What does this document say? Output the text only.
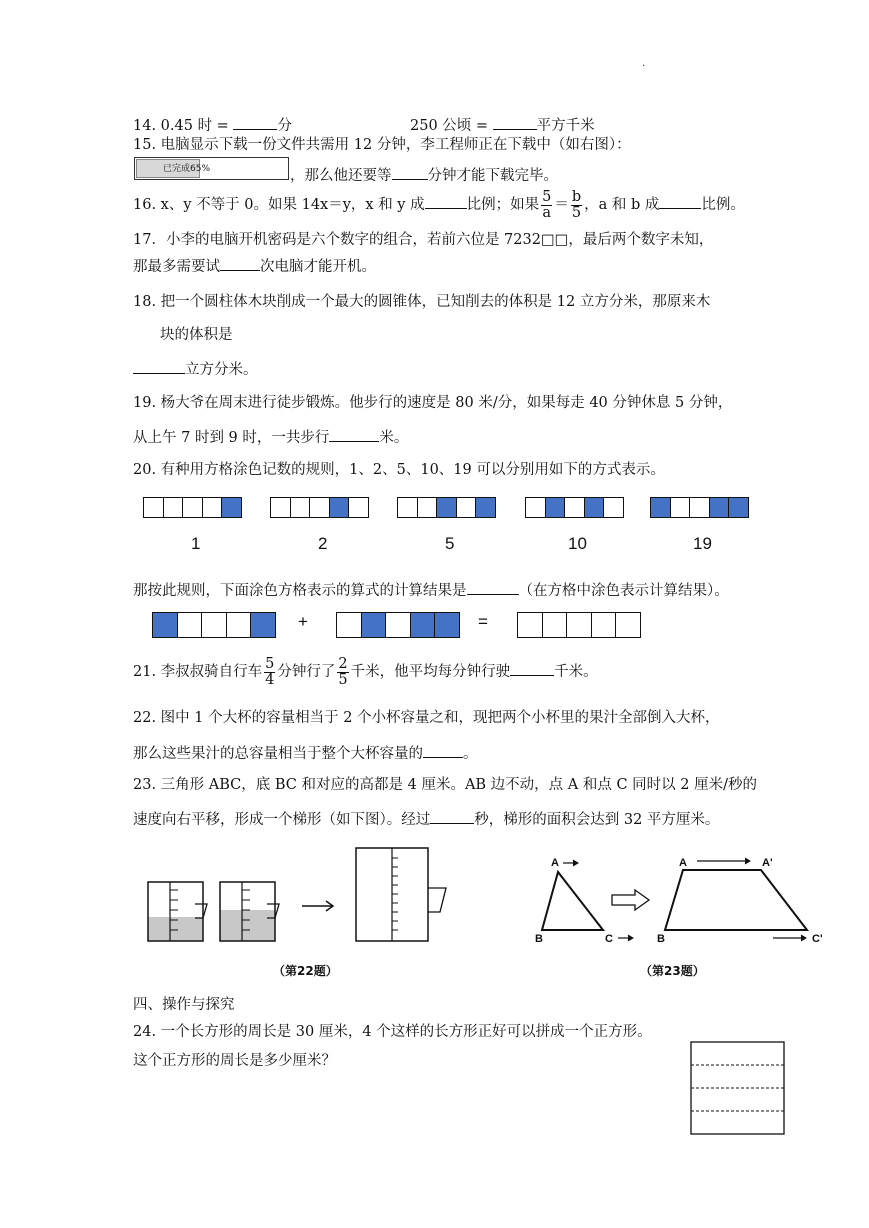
.
14. 0.45 时 =	分	250 公顷 =	平方千米
15. 电脑显示下载一份文件共需用 12 分钟，李工程师正在下载中（如右图）：
已完成65%	，那么他还要等 分钟才能下载完毕。
16. x、y 不等于 0。如果 14x＝y，x 和 y 成	比例；如果 $\frac{5}{a} = \frac{b}{5}$ ，a 和 b 成	比例。
17．小李的电脑开机密码是六个数字的组合，若前六位是 7232□□，最后两个数字未知，
那最多需要试	次电脑才能开机。
18. 把一个圆柱体木块削成一个最大的圆锥体，已知削去的体积是 12 立方分米，那原来木
块的体积是
立方分米。
19. 杨大爷在周末进行徒步锻炼。他步行的速度是 80 米/分，如果每走 40 分钟休息 5 分钟，
从上午 7 时到 9 时，一共步行	米。
20. 有种用方格涂色记数的规则，1、2、5、10、19 可以分别用如下的方式表示。
1	2	5	10	19
那按此规则，下面涂色方格表示的算式的计算结果是	（在方格中涂色表示计算结果）。
+	=
21. 李叔叔骑自行车 $\frac{5}{4}$ 分钟行了 $\frac{2}{5}$ 千米，他平均每分钟行驶	千米。
22. 图中 1 个大杯的容量相当于 2 个小杯容量之和，现把两个小杯里的果汁全部倒入大杯，
那么这些果汁的总容量相当于整个大杯容量的	。
23. 三角形 ABC，底 BC 和对应的高都是 4 厘米。AB 边不动，点 A 和点 C 同时以 2 厘米/秒的
速度向右平移，形成一个梯形（如下图）。经过	秒，梯形的面积会达到 32 平方厘米。
（第22题）
A
B	C
A
B
A'
C'
（第23题）
四、操作与探究
24. 一个长方形的周长是 30 厘米，4 个这样的长方形正好可以拼成一个正方形。
这个正方形的周长是多少厘米？
